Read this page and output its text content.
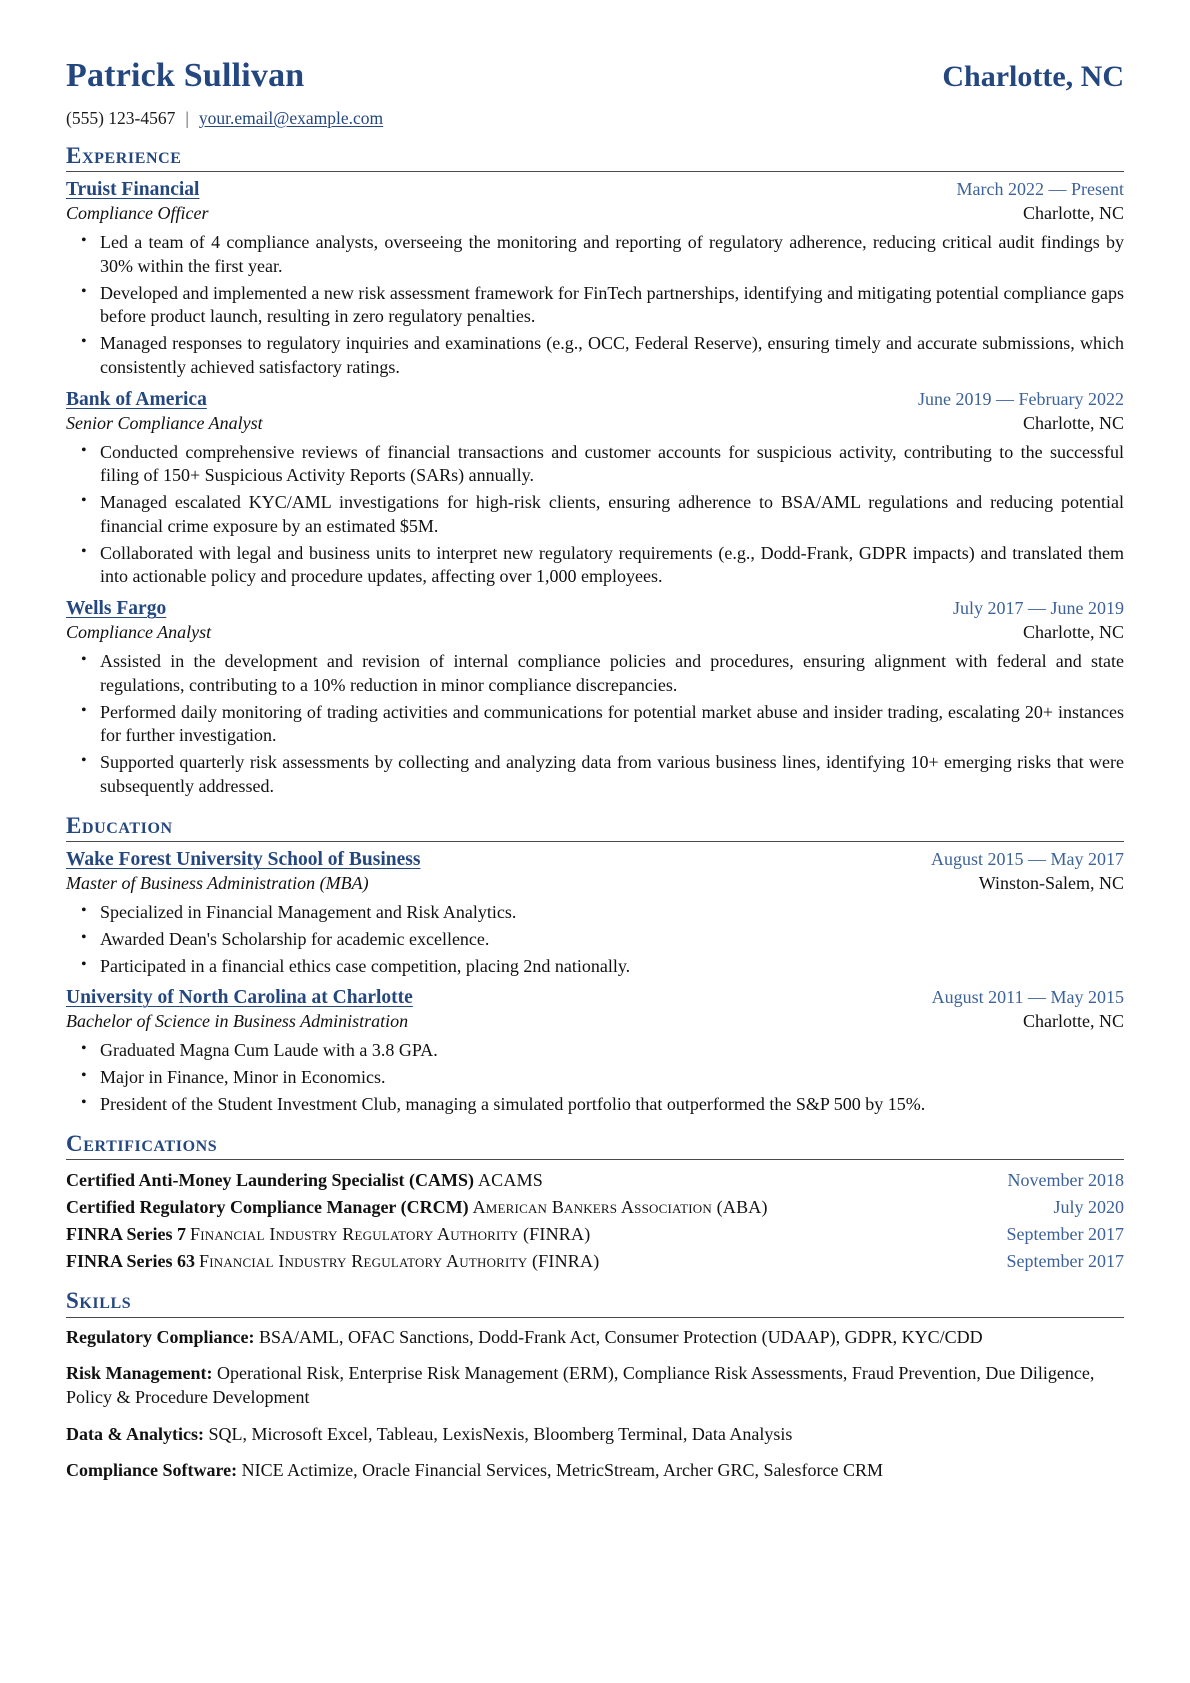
Patrick Sullivan	Charlotte, NC
(555) 123-4567 | your.email@example.com
Experience
Truist Financial	March 2022 — Present
Compliance Officer	Charlotte, NC
• Led a team of 4 compliance analysts, overseeing the monitoring and reporting of regulatory adherence, reducing critical audit findings by 30% within the first year.
• Developed and implemented a new risk assessment framework for FinTech partnerships, identifying and mitigating potential compliance gaps before product launch, resulting in zero regulatory penalties.
• Managed responses to regulatory inquiries and examinations (e.g., OCC, Federal Reserve), ensuring timely and accurate submissions, which consistently achieved satisfactory ratings.
Bank of America	June 2019 — February 2022
Senior Compliance Analyst	Charlotte, NC
• Conducted comprehensive reviews of financial transactions and customer accounts for suspicious activity, contributing to the successful filing of 150+ Suspicious Activity Reports (SARs) annually.
• Managed escalated KYC/AML investigations for high-risk clients, ensuring adherence to BSA/AML regulations and reducing potential financial crime exposure by an estimated $5M.
• Collaborated with legal and business units to interpret new regulatory requirements (e.g., Dodd-Frank, GDPR impacts) and translated them into actionable policy and procedure updates, affecting over 1,000 employees.
Wells Fargo	July 2017 — June 2019
Compliance Analyst	Charlotte, NC
• Assisted in the development and revision of internal compliance policies and procedures, ensuring alignment with federal and state regulations, contributing to a 10% reduction in minor compliance discrepancies.
• Performed daily monitoring of trading activities and communications for potential market abuse and insider trading, escalating 20+ instances for further investigation.
• Supported quarterly risk assessments by collecting and analyzing data from various business lines, identifying 10+ emerging risks that were subsequently addressed.
Education
Wake Forest University School of Business	August 2015 — May 2017
Master of Business Administration (MBA)	Winston-Salem, NC
• Specialized in Financial Management and Risk Analytics.
• Awarded Dean's Scholarship for academic excellence.
• Participated in a financial ethics case competition, placing 2nd nationally.
University of North Carolina at Charlotte	August 2011 — May 2015
Bachelor of Science in Business Administration	Charlotte, NC
• Graduated Magna Cum Laude with a 3.8 GPA.
• Major in Finance, Minor in Economics.
• President of the Student Investment Club, managing a simulated portfolio that outperformed the S&P 500 by 15%.
Certifications
Certified Anti-Money Laundering Specialist (CAMS) ACAMS	November 2018
Certified Regulatory Compliance Manager (CRCM) American Bankers Association (ABA)	July 2020
FINRA Series 7 Financial Industry Regulatory Authority (FINRA)	September 2017
FINRA Series 63 Financial Industry Regulatory Authority (FINRA)	September 2017
Skills
Regulatory Compliance: BSA/AML, OFAC Sanctions, Dodd-Frank Act, Consumer Protection (UDAAP), GDPR, KYC/CDD
Risk Management: Operational Risk, Enterprise Risk Management (ERM), Compliance Risk Assessments, Fraud Prevention, Due Diligence, Policy & Procedure Development
Data & Analytics: SQL, Microsoft Excel, Tableau, LexisNexis, Bloomberg Terminal, Data Analysis
Compliance Software: NICE Actimize, Oracle Financial Services, MetricStream, Archer GRC, Salesforce CRM
